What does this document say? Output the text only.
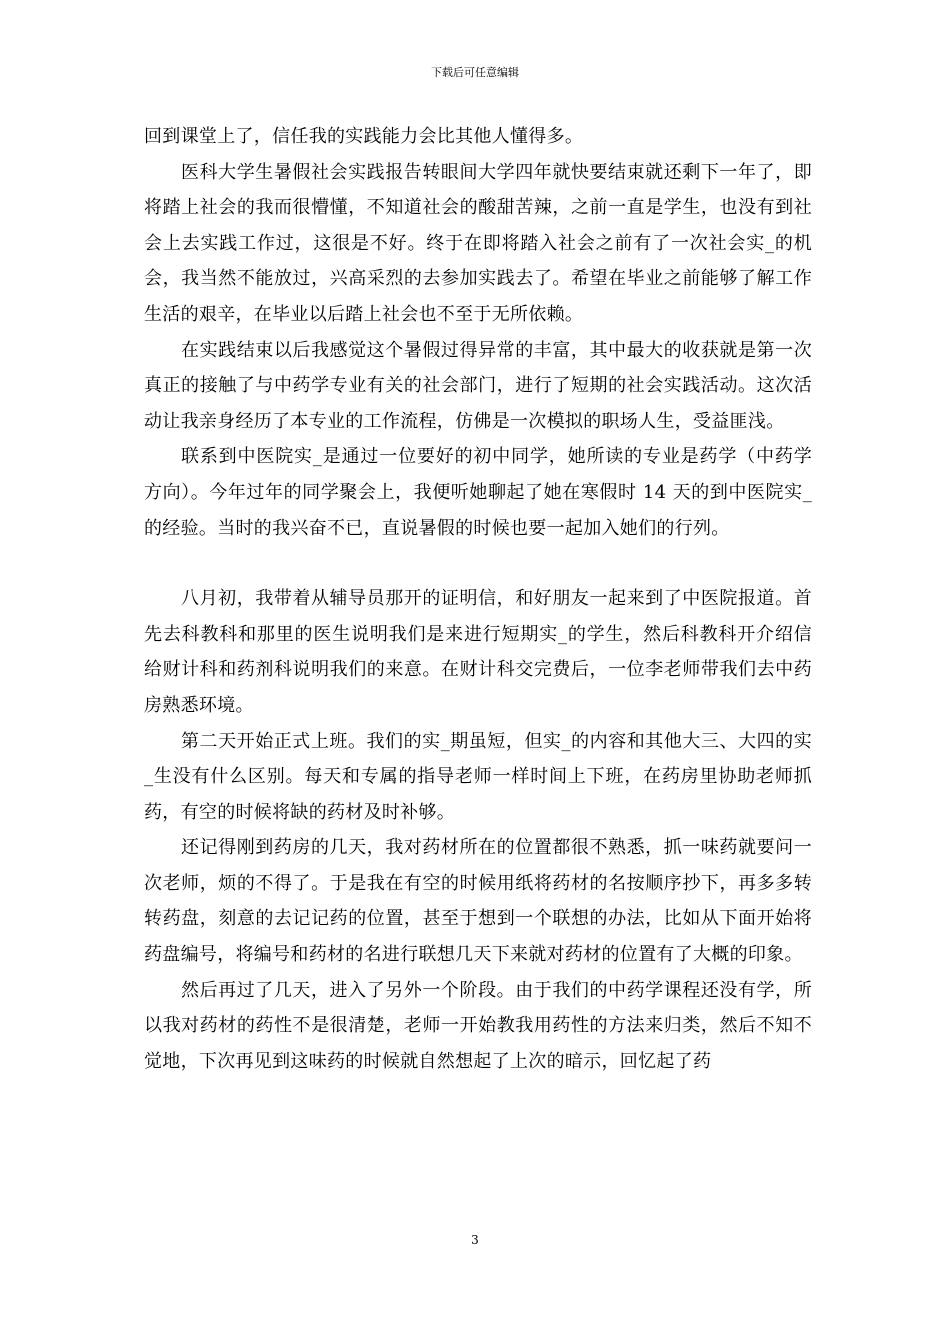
下载后可任意编辑

回到课堂上了，信任我的实践能力会比其他人懂得多。

医科大学生暑假社会实践报告转眼间大学四年就快要结束就还剩下一年了，即将踏上社会的我而很懵懂，不知道社会的酸甜苦辣，之前一直是学生，也没有到社会上去实践工作过，这很是不好。终于在即将踏入社会之前有了一次社会实_的机会，我当然不能放过，兴高采烈的去参加实践去了。希望在毕业之前能够了解工作生活的艰辛，在毕业以后踏上社会也不至于无所依赖。

在实践结束以后我感觉这个暑假过得异常的丰富，其中最大的收获就是第一次真正的接触了与中药学专业有关的社会部门，进行了短期的社会实践活动。这次活动让我亲身经历了本专业的工作流程，仿佛是一次模拟的职场人生，受益匪浅。

联系到中医院实_是通过一位要好的初中同学，她所读的专业是药学（中药学方向）。今年过年的同学聚会上，我便听她聊起了她在寒假时 14 天的到中医院实_的经验。当时的我兴奋不已，直说暑假的时候也要一起加入她们的行列。

八月初，我带着从辅导员那开的证明信，和好朋友一起来到了中医院报道。首先去科教科和那里的医生说明我们是来进行短期实_的学生，然后科教科开介绍信给财计科和药剂科说明我们的来意。在财计科交完费后，一位李老师带我们去中药房熟悉环境。

第二天开始正式上班。我们的实_期虽短，但实_的内容和其他大三、大四的实_生没有什么区别。每天和专属的指导老师一样时间上下班，在药房里协助老师抓药，有空的时候将缺的药材及时补够。

还记得刚到药房的几天，我对药材所在的位置都很不熟悉，抓一味药就要问一次老师，烦的不得了。于是我在有空的时候用纸将药材的名按顺序抄下，再多多转转药盘，刻意的去记记药的位置，甚至于想到一个联想的办法，比如从下面开始将药盘编号，将编号和药材的名进行联想几天下来就对药材的位置有了大概的印象。

然后再过了几天，进入了另外一个阶段。由于我们的中药学课程还没有学，所以我对药材的药性不是很清楚，老师一开始教我用药性的方法来归类，然后不知不觉地，下次再见到这味药的时候就自然想起了上次的暗示，回忆起了药

3
